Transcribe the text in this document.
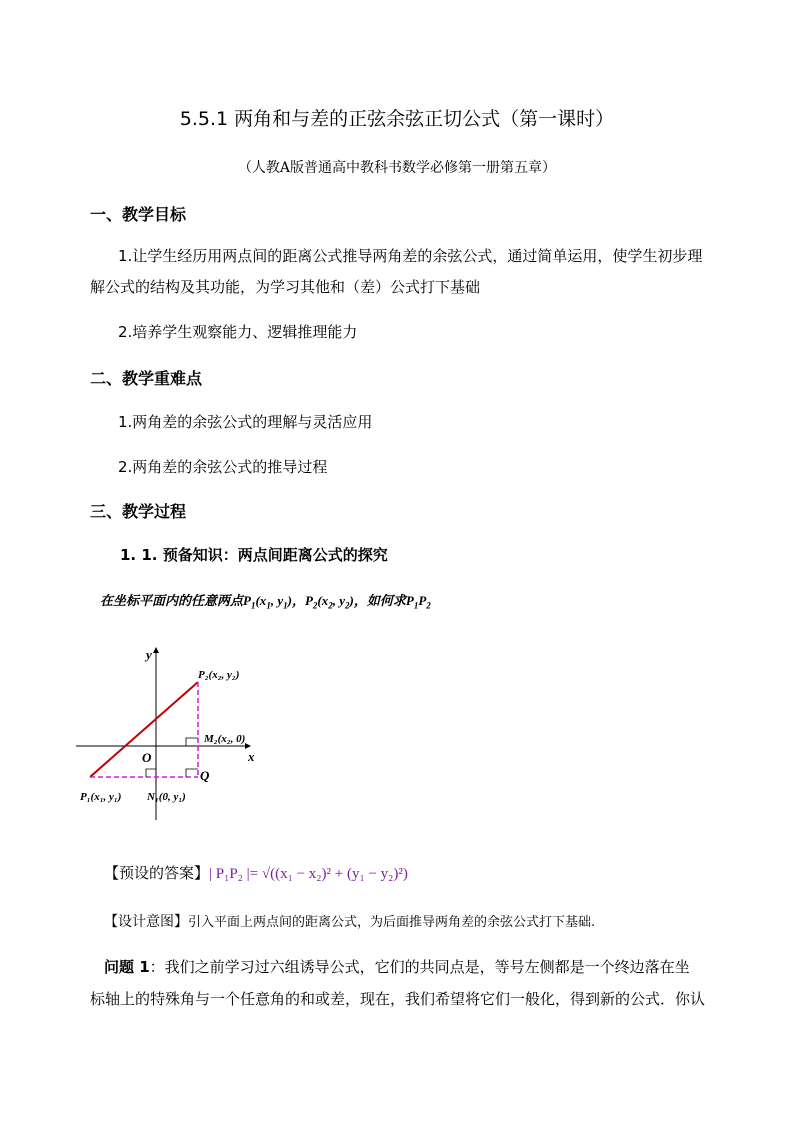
5.5.1 两角和与差的正弦余弦正切公式（第一课时）
（人教A版普通高中教科书数学必修第一册第五章）
一、教学目标
1.让学生经历用两点间的距离公式推导两角差的余弦公式，通过简单运用，使学生初步理
解公式的结构及其功能，为学习其他和（差）公式打下基础
2.培养学生观察能力、逻辑推理能力
二、教学重难点
1.两角差的余弦公式的理解与灵活应用
2.两角差的余弦公式的推导过程
三、教学过程
1. 1. 预备知识：两点间距离公式的探究
在坐标平面内的任意两点$P_1(x_1$, $y_1$)，$P_2(x_2$, $y_2$)，如何求$P_1P_2$
y
x
O
Q
P₂(x₂, y₂)
M₂(x₂, 0)
P₁(x₁, y₁) N₁(0, y₁)
【预设的答案】| P₁P₂ |= √((x₁ − x₂)² + (y₁ − y₂)²)
【设计意图】引入平面上两点间的距离公式，为后面推导两角差的余弦公式打下基础.
问题 1：我们之前学习过六组诱导公式，它们的共同点是，等号左侧都是一个终边落在坐
标轴上的特殊角与一个任意角的和或差，现在，我们希望将它们一般化，得到新的公式．你认
